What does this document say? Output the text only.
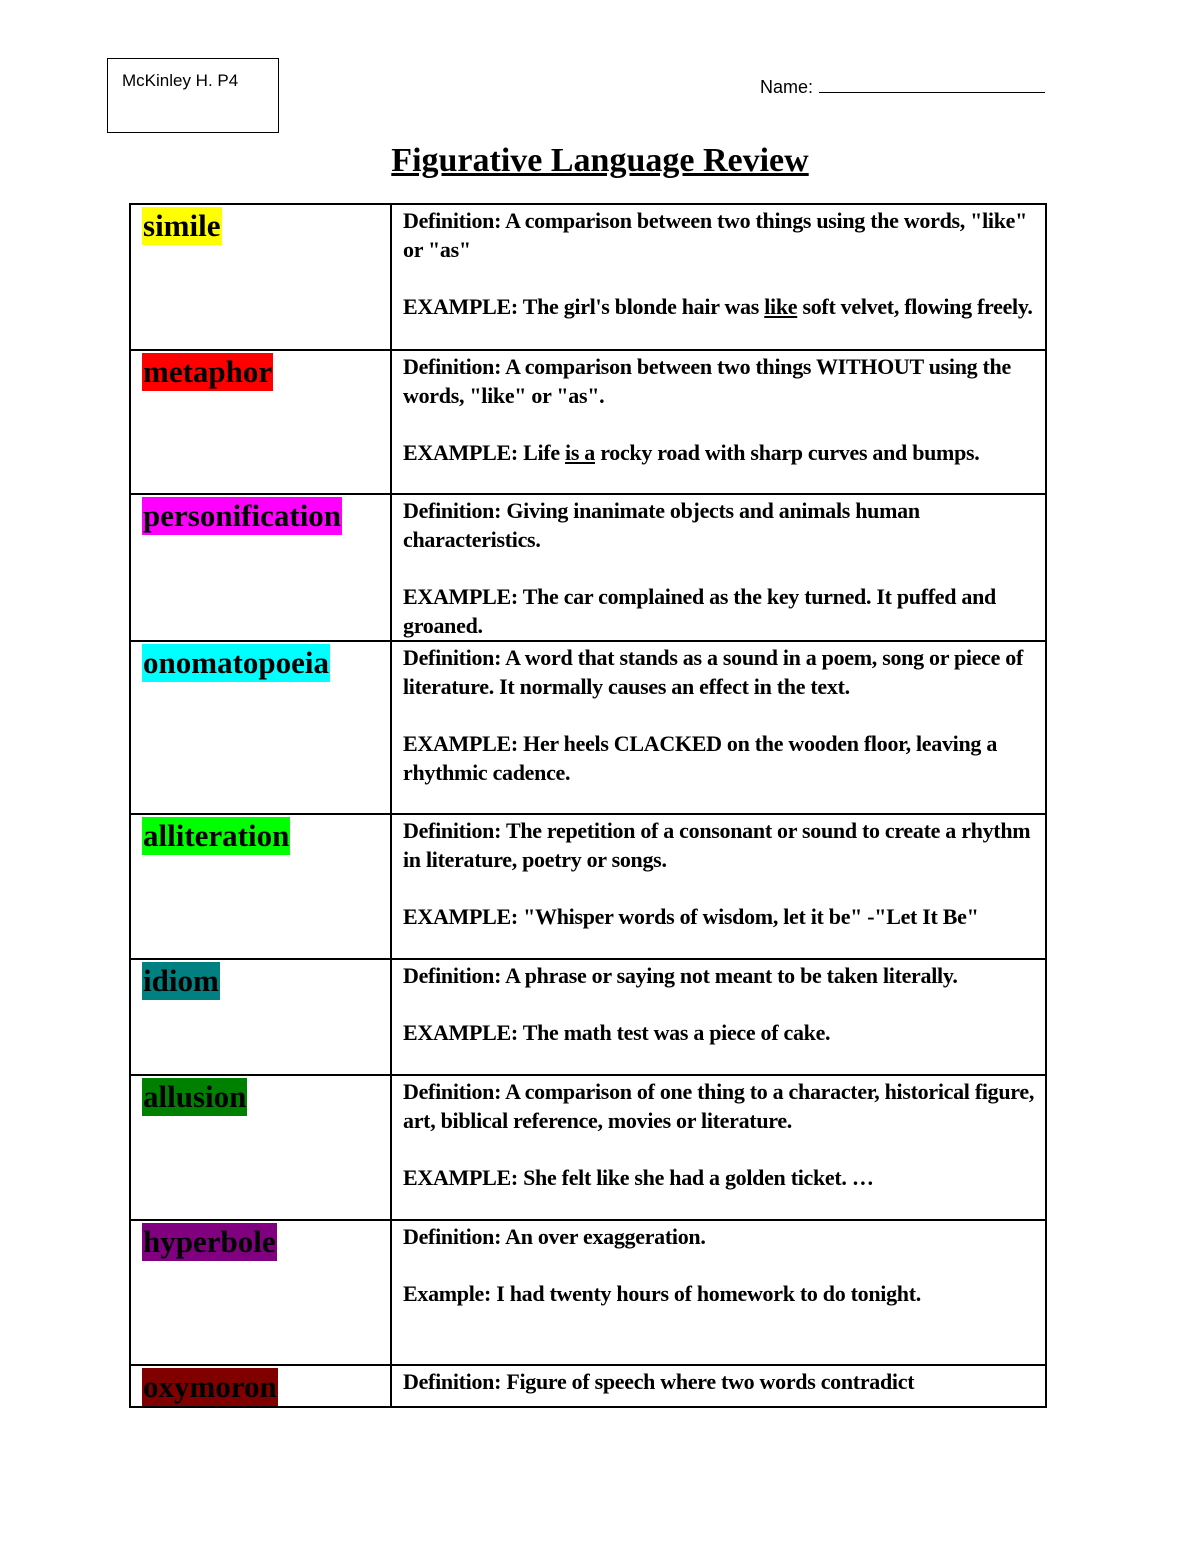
McKinley H. P4	Name:
Figurative Language Review
simile	Definition: A comparison between two things using the words, "like" or "as"
EXAMPLE: The girl's blonde hair was like soft velvet, flowing freely.

metaphor	Definition: A comparison between two things WITHOUT using the words, "like" or "as".
EXAMPLE: Life is a rocky road with sharp curves and bumps.

personification	Definition: Giving inanimate objects and animals human characteristics.
EXAMPLE: The car complained as the key turned. It puffed and groaned.

onomatopoeia	Definition: A word that stands as a sound in a poem, song or piece of literature. It normally causes an effect in the text.
EXAMPLE: Her heels CLACKED on the wooden floor, leaving a rhythmic cadence.

alliteration	Definition: The repetition of a consonant or sound to create a rhythm in literature, poetry or songs.
EXAMPLE: "Whisper words of wisdom, let it be" -"Let It Be"

idiom	Definition: A phrase or saying not meant to be taken literally.
EXAMPLE: The math test was a piece of cake.

allusion	Definition: A comparison of one thing to a character, historical figure, art, biblical reference, movies or literature.
EXAMPLE: She felt like she had a golden ticket. …

hyperbole	Definition: An over exaggeration.
Example: I had twenty hours of homework to do tonight.

oxymoron	Definition: Figure of speech where two words contradict
